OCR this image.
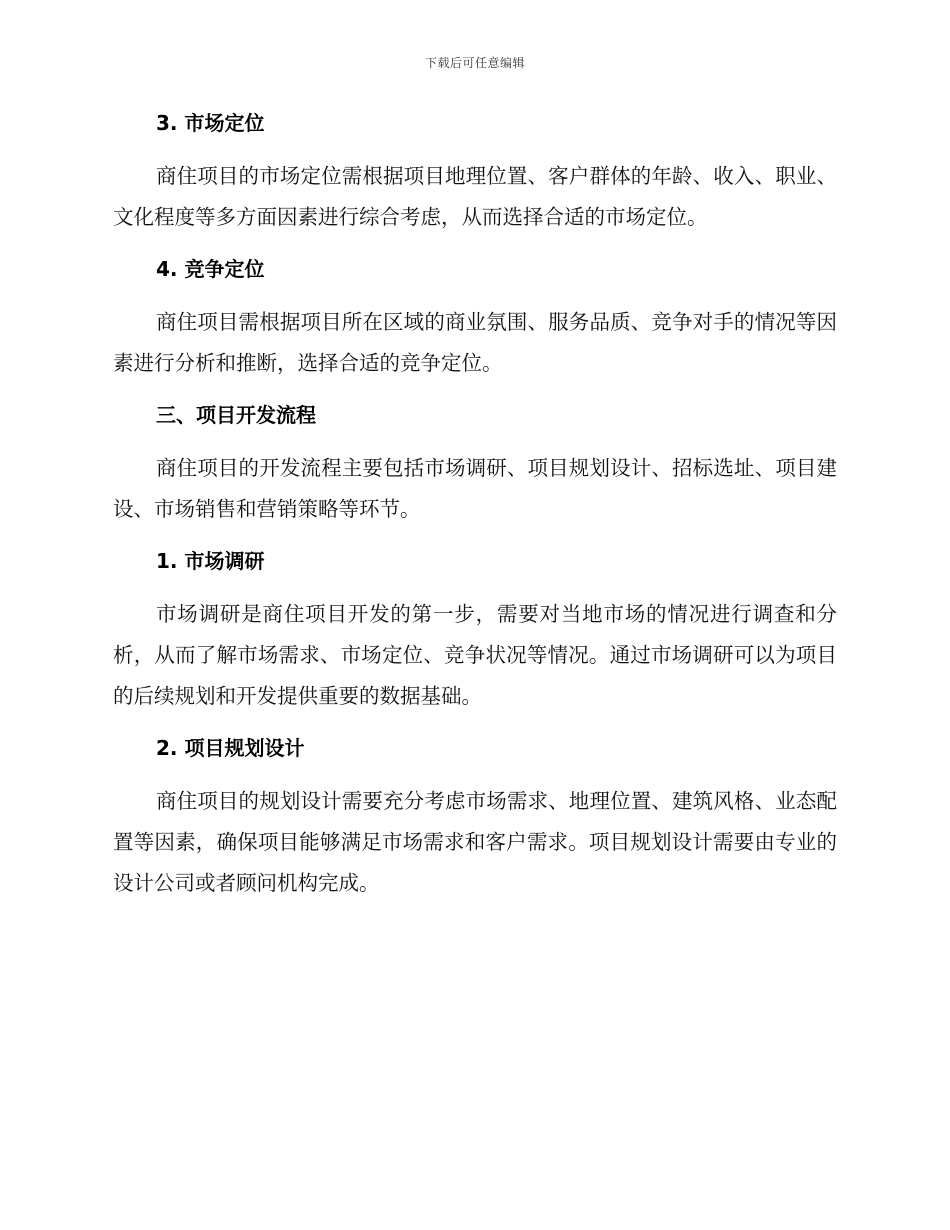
下载后可任意编辑
3. 市场定位
商住项目的市场定位需根据项目地理位置、客户群体的年龄、收入、职业、文化程度等多方面因素进行综合考虑，从而选择合适的市场定位。
4. 竞争定位
商住项目需根据项目所在区域的商业氛围、服务品质、竞争对手的情况等因素进行分析和推断，选择合适的竞争定位。
三、项目开发流程
商住项目的开发流程主要包括市场调研、项目规划设计、招标选址、项目建设、市场销售和营销策略等环节。
1. 市场调研
市场调研是商住项目开发的第一步，需要对当地市场的情况进行调查和分析，从而了解市场需求、市场定位、竞争状况等情况。通过市场调研可以为项目的后续规划和开发提供重要的数据基础。
2. 项目规划设计
商住项目的规划设计需要充分考虑市场需求、地理位置、建筑风格、业态配置等因素，确保项目能够满足市场需求和客户需求。项目规划设计需要由专业的设计公司或者顾问机构完成。
